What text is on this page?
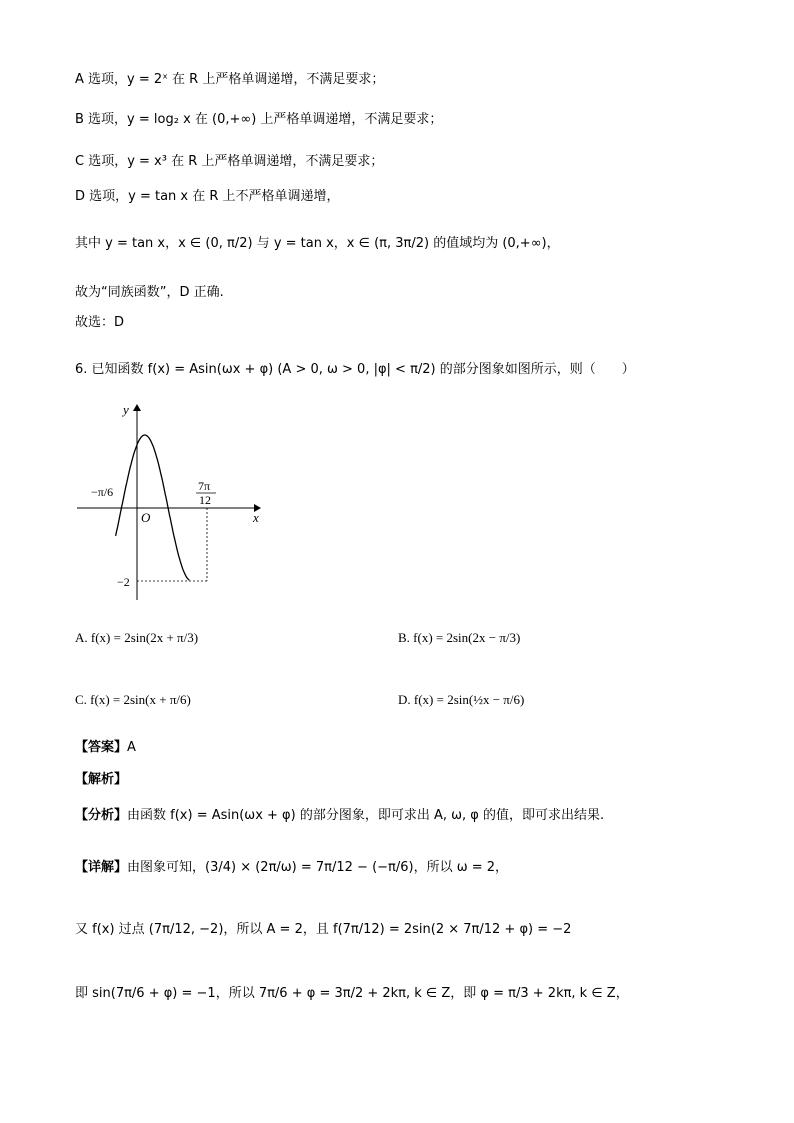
A 选项，y = 2ˣ 在 R 上严格单调递增，不满足要求；
B 选项，y = log₂ x 在 (0,+∞) 上严格单调递增，不满足要求；
C 选项，y = x³ 在 R 上严格单调递增，不满足要求；
D 选项，y = tan x 在 R 上不严格单调递增，
其中 y = tan x，x ∈ (0, π/2) 与 y = tan x，x ∈ (π, 3π/2) 的值域均为 (0,+∞)，
故为“同族函数”，D 正确.
故选：D
6. 已知函数 f(x) = Asin(ωx + φ) (A > 0, ω > 0, |φ| < π/2) 的部分图象如图所示，则（　　）
y
x
O
−π/6	7π
12
−2
A. f(x) = 2sin(2x + π/3)	B. f(x) = 2sin(2x − π/3)
C. f(x) = 2sin(x + π/6)	D. f(x) = 2sin(½x − π/6)
【答案】A
【解析】
【分析】由函数 f(x) = Asin(ωx + φ) 的部分图象，即可求出 A, ω, φ 的值，即可求出结果.
【详解】由图象可知，(3/4) × (2π/ω) = 7π/12 − (−π/6)，所以 ω = 2，
又 f(x) 过点 (7π/12, −2)，所以 A = 2，且 f(7π/12) = 2sin(2 × 7π/12 + φ) = −2
即 sin(7π/6 + φ) = −1，所以 7π/6 + φ = 3π/2 + 2kπ, k ∈ Z，即 φ = π/3 + 2kπ, k ∈ Z，
